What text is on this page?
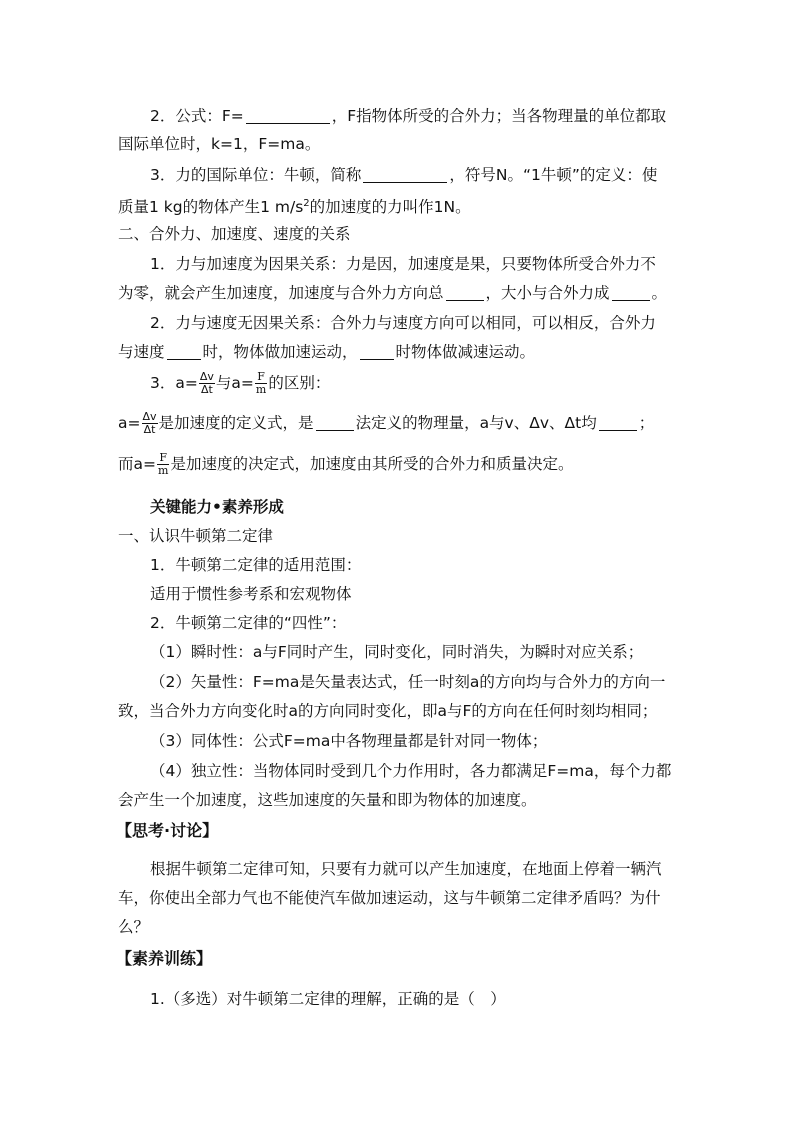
2．公式：F=	，F指物体所受的合外力；当各物理量的单位都取
国际单位时，k=1，F=ma。
3．力的国际单位：牛顿，简称	，符号N。“1牛顿”的定义：使
质量1 kg的物体产生1 $m/s^2$的加速度的力叫作1N。
二、合外力、加速度、速度的关系
1．力与加速度为因果关系：力是因，加速度是果，只要物体所受合外力不
为零，就会产生加速度，加速度与合外力方向总	，大小与合外力成	。
2．力与速度无因果关系：合外力与速度方向可以相同，可以相反，合外力
与速度 时，物体做加速运动， 时物体做减速运动。
3．$a= \frac{\Delta v}{\Delta t}$ 与$a= \frac{F}{m}$ 的区别：
$a= \frac{\Delta v}{\Delta t}$ 是加速度的定义式，是	法定义的物理量，a与v、Δv、Δt均	；
而$a= \frac{F}{m}$ 是加速度的决定式，加速度由其所受的合外力和质量决定。
关键能力•素养形成
一、认识牛顿第二定律
1．牛顿第二定律的适用范围：
适用于惯性参考系和宏观物体
2．牛顿第二定律的“四性”：
（1）瞬时性：a与F同时产生，同时变化，同时消失，为瞬时对应关系；
（2）矢量性：F=ma是矢量表达式，任一时刻a的方向均与合外力的方向一
致，当合外力方向变化时a的方向同时变化，即a与F的方向在任何时刻均相同；
（3）同体性：公式F=ma中各物理量都是针对同一物体；
（4）独立性：当物体同时受到几个力作用时，各力都满足F=ma，每个力都
会产生一个加速度，这些加速度的矢量和即为物体的加速度。
【思考·讨论】
根据牛顿第二定律可知，只要有力就可以产生加速度，在地面上停着一辆汽
车，你使出全部力气也不能使汽车做加速运动，这与牛顿第二定律矛盾吗？为什
么？
【素养训练】
1.（多选）对牛顿第二定律的理解，正确的是（　）
